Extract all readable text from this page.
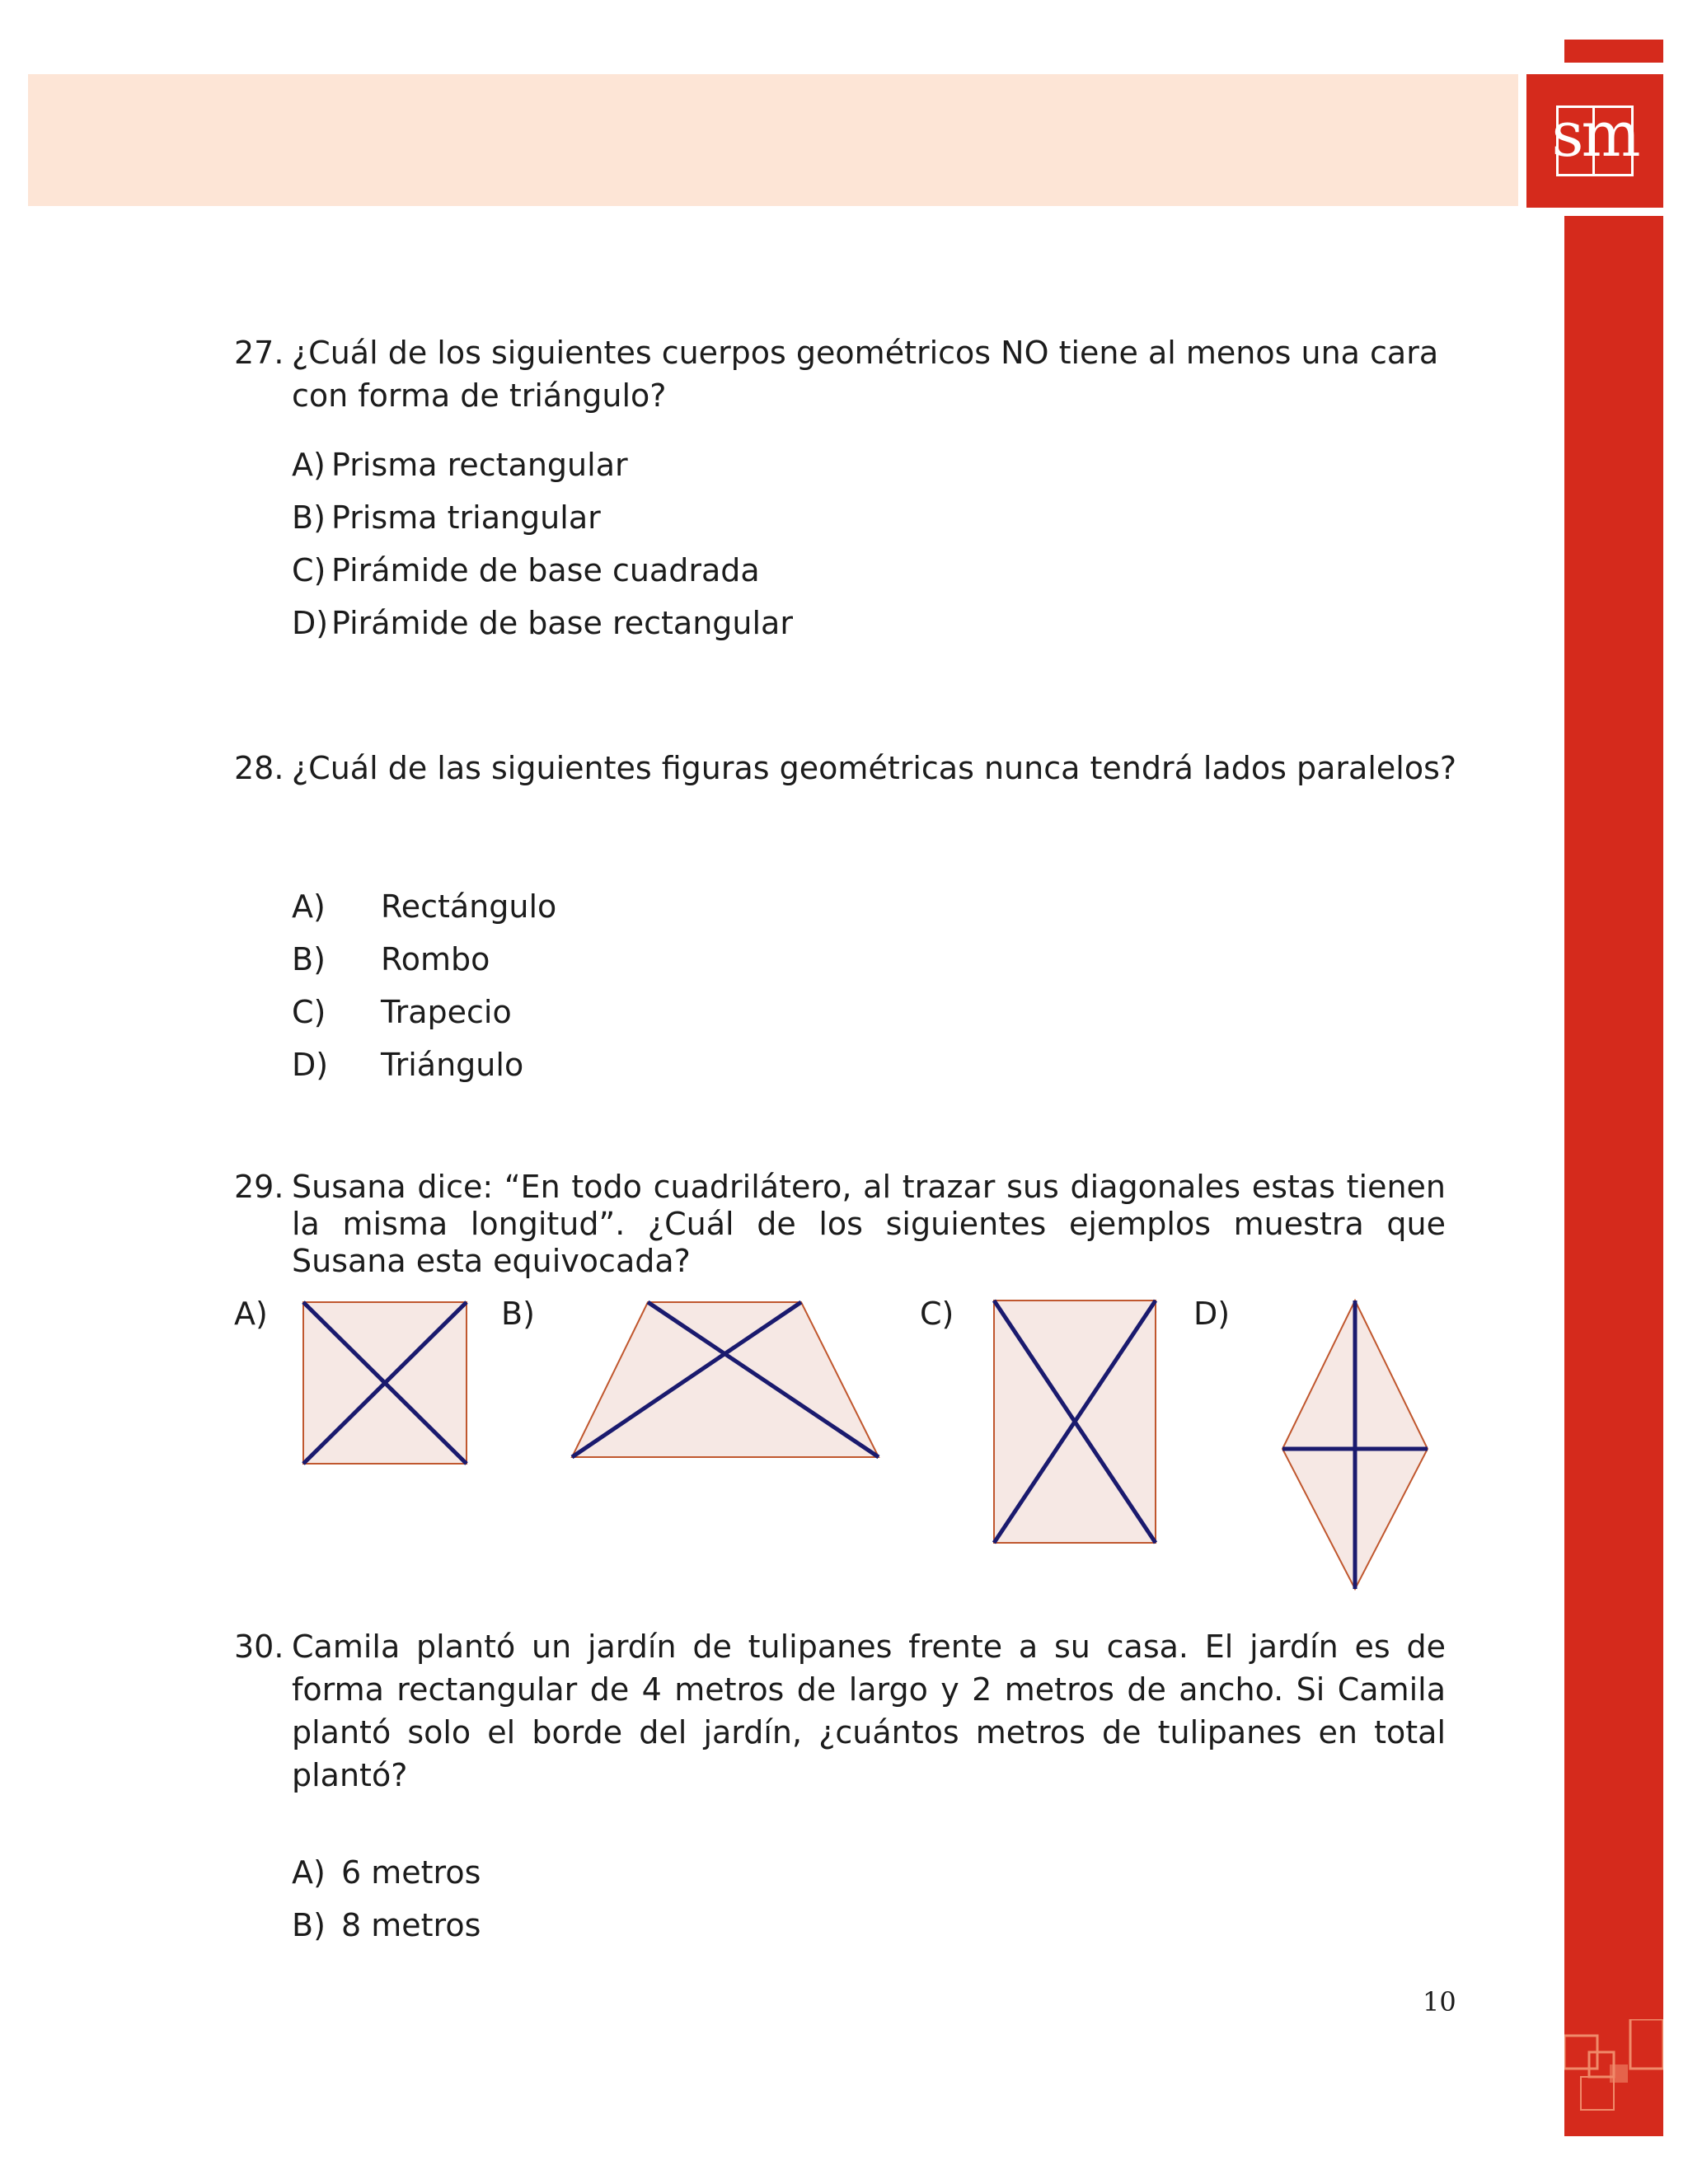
sm
27. ¿Cuál de los siguientes cuerpos geométricos NO tiene al menos una cara con forma de triángulo?
A) Prisma rectangular
B) Prisma triangular
C) Pirámide de base cuadrada
D) Pirámide de base rectangular
28. ¿Cuál de las siguientes figuras geométricas nunca tendrá lados paralelos?
A) Rectángulo
B) Rombo
C) Trapecio
D) Triángulo
29. Susana dice: “En todo cuadrilátero, al trazar sus diagonales estas tienen la misma longitud”. ¿Cuál de los siguientes ejemplos muestra que Susana esta equivocada?
A)	B)	C)	D)
30. Camila plantó un jardín de tulipanes frente a su casa. El jardín es de forma rectangular de 4 metros de largo y 2 metros de ancho. Si Camila plantó solo el borde del jardín, ¿cuántos metros de tulipanes en total plantó?
A) 6 metros
B) 8 metros
10
